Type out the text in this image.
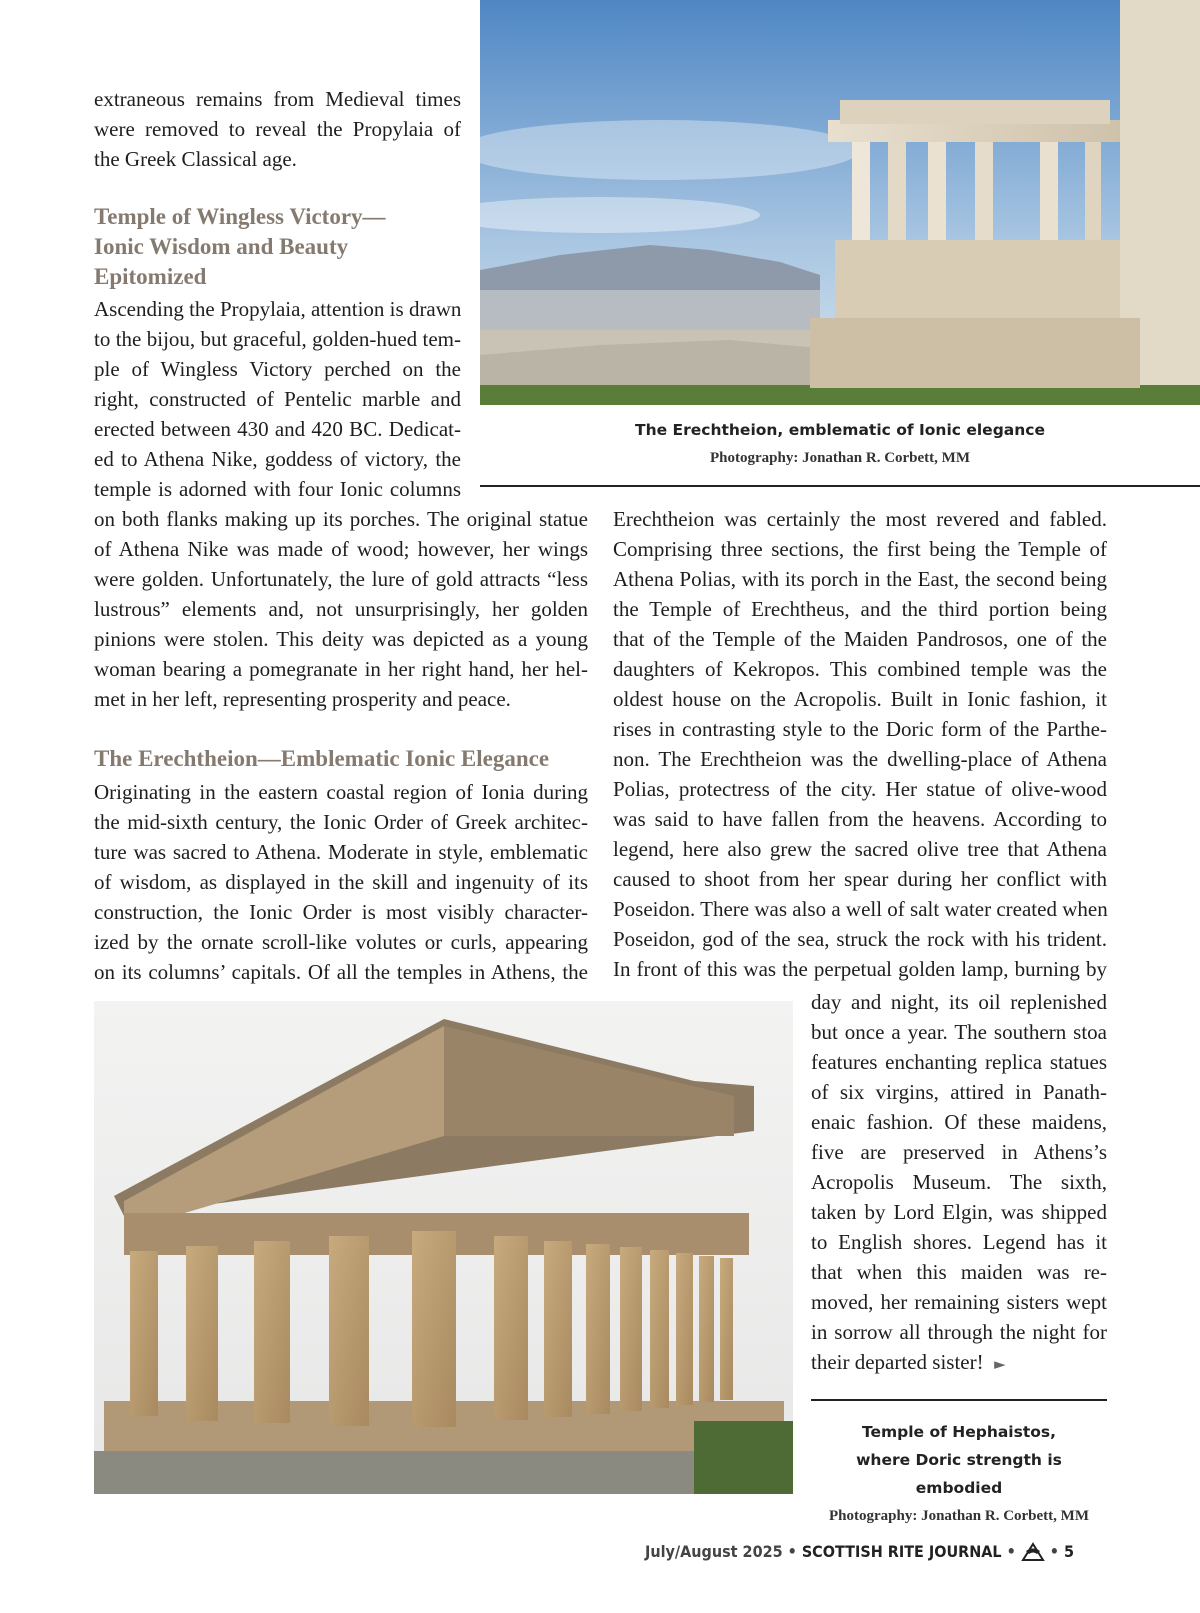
The Erechtheion, emblematic of Ionic elegance
Photography: Jonathan R. Corbett, MM

extraneous remains from Medieval times
were removed to reveal the Propylaia of
the Greek Classical age.

Temple of Wingless Victory—
Ionic Wisdom and Beauty
Epitomized

Ascending the Propylaia, attention is drawn
to the bijou, but graceful, golden-hued tem-
ple of Wingless Victory perched on the
right, constructed of Pentelic marble and
erected between 430 and 420 BC. Dedicat-
ed to Athena Nike, goddess of victory, the
temple is adorned with four Ionic columns

on both flanks making up its porches. The original statue
of Athena Nike was made of wood; however, her wings
were golden. Unfortunately, the lure of gold attracts “less
lustrous” elements and, not unsurprisingly, her golden
pinions were stolen. This deity was depicted as a young
woman bearing a pomegranate in her right hand, her hel-
met in her left, representing prosperity and peace.

The Erechtheion—Emblematic Ionic Elegance

Originating in the eastern coastal region of Ionia during
the mid-sixth century, the Ionic Order of Greek architec-
ture was sacred to Athena. Moderate in style, emblematic
of wisdom, as displayed in the skill and ingenuity of its
construction, the Ionic Order is most visibly character-
ized by the ornate scroll-like volutes or curls, appearing
on its columns’ capitals. Of all the temples in Athens, the

Erechtheion was certainly the most revered and fabled.
Comprising three sections, the first being the Temple of
Athena Polias, with its porch in the East, the second being
the Temple of Erechtheus, and the third portion being
that of the Temple of the Maiden Pandrosos, one of the
daughters of Kekropos. This combined temple was the
oldest house on the Acropolis. Built in Ionic fashion, it
rises in contrasting style to the Doric form of the Parthe-
non. The Erechtheion was the dwelling-place of Athena
Polias, protectress of the city. Her statue of olive-wood
was said to have fallen from the heavens. According to
legend, here also grew the sacred olive tree that Athena
caused to shoot from her spear during her conflict with
Poseidon. There was also a well of salt water created when
Poseidon, god of the sea, struck the rock with his trident.
In front of this was the perpetual golden lamp, burning by

day and night, its oil replenished
but once a year. The southern stoa
features enchanting replica statues
of six virgins, attired in Panath-
enaic fashion. Of these maidens,
five are preserved in Athens’s
Acropolis Museum. The sixth,
taken by Lord Elgin, was shipped
to English shores. Legend has it
that when this maiden was re-
moved, her remaining sisters wept
in sorrow all through the night for
their departed sister! ►

Temple of Hephaistos,
where Doric strength is embodied
Photography: Jonathan R. Corbett, MM
July/August 2025 • SCOTTISH RITE JOURNAL • • 5
